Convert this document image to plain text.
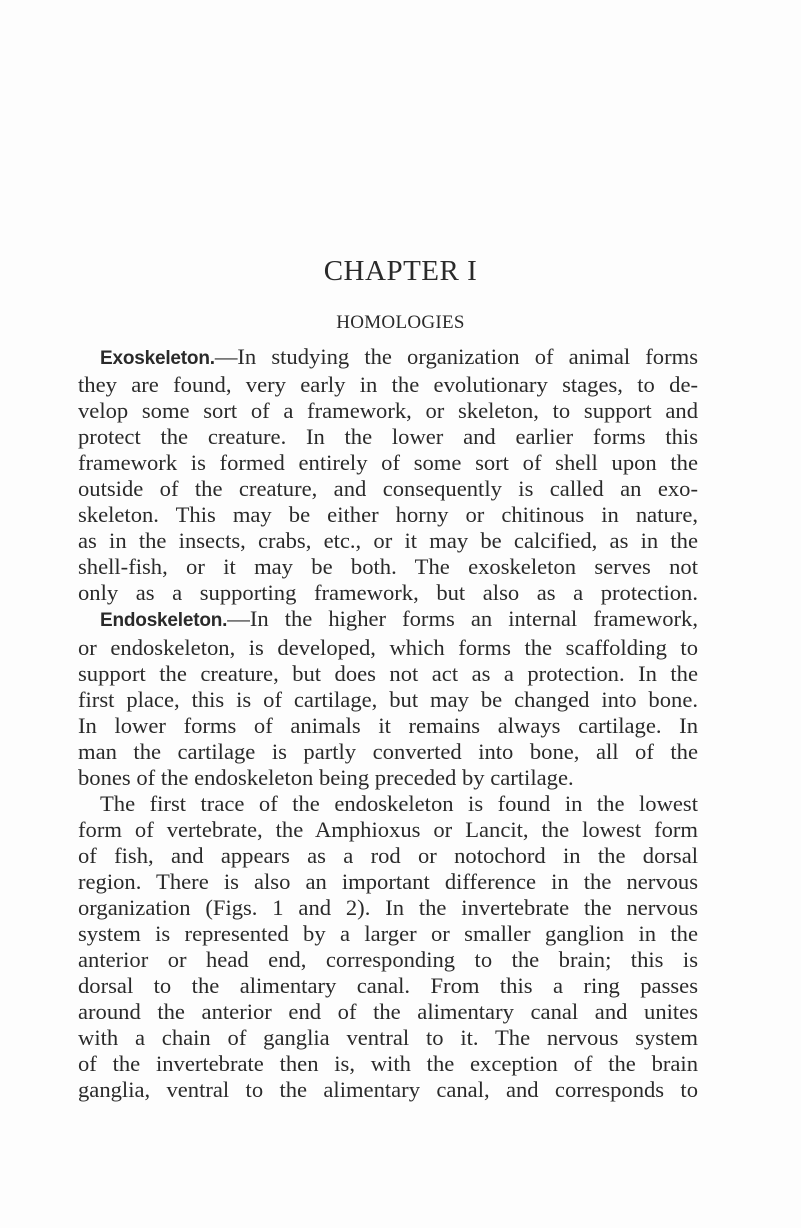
CHAPTER I
HOMOLOGIES
Exoskeleton.—In studying the organization of animal forms
they are found, very early in the evolutionary stages, to de-
velop some sort of a framework, or skeleton, to support and
protect the creature. In the lower and earlier forms this
framework is formed entirely of some sort of shell upon the
outside of the creature, and consequently is called an exo-
skeleton. This may be either horny or chitinous in nature,
as in the insects, crabs, etc., or it may be calcified, as in the
shell-fish, or it may be both. The exoskeleton serves not
only as a supporting framework, but also as a protection.
Endoskeleton.—In the higher forms an internal framework,
or endoskeleton, is developed, which forms the scaffolding to
support the creature, but does not act as a protection. In the
first place, this is of cartilage, but may be changed into bone.
In lower forms of animals it remains always cartilage. In
man the cartilage is partly converted into bone, all of the
bones of the endoskeleton being preceded by cartilage.
The first trace of the endoskeleton is found in the lowest
form of vertebrate, the Amphioxus or Lancit, the lowest form
of fish, and appears as a rod or notochord in the dorsal
region. There is also an important difference in the nervous
organization (Figs. 1 and 2). In the invertebrate the nervous
system is represented by a larger or smaller ganglion in the
anterior or head end, corresponding to the brain; this is
dorsal to the alimentary canal. From this a ring passes
around the anterior end of the alimentary canal and unites
with a chain of ganglia ventral to it. The nervous system
of the invertebrate then is, with the exception of the brain
ganglia, ventral to the alimentary canal, and corresponds to
